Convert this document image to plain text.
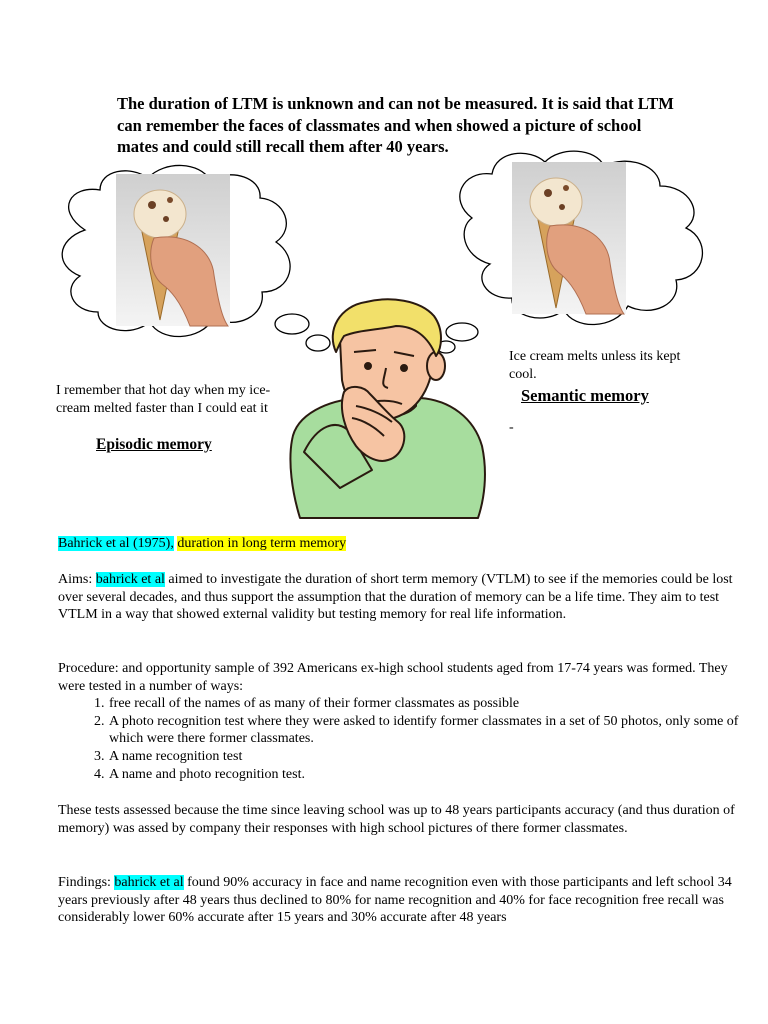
The duration of LTM is unknown and can not be measured. It is said that LTM can remember the faces of classmates and when showed a picture of school mates and could still recall them after 40 years.
I remember that hot day when my ice-cream melted faster than I could eat it
Episodic memory
Ice cream melts unless its kept cool.
Semantic memory
-
Bahrick et al (1975), duration in long term memory
Aims: bahrick et al aimed to investigate the duration of short term memory (VTLM) to see if the memories could be lost over several decades, and thus support the assumption that the duration of memory can be a life time. They aim to test VTLM in a way that showed external validity but testing memory for real life information.
Procedure: and opportunity sample of 392 Americans ex-high school students aged from 17-74 years was formed. They were tested in a number of ways:
1. free recall of the names of as many of their former classmates as possible
2. A photo recognition test where they were asked to identify former classmates in a set of 50 photos, only some of which were there former classmates.
3. A name recognition test
4. A name and photo recognition test.
These tests assessed because the time since leaving school was up to 48 years participants accuracy (and thus duration of memory) was assed by company their responses with high school pictures of there former classmates.
Findings: bahrick et al found 90% accuracy in face and name recognition even with those participants and left school 34 years previously after 48 years thus declined to 80% for name recognition and 40% for face recognition free recall was considerably lower 60% accurate after 15 years and 30% accurate after 48 years
